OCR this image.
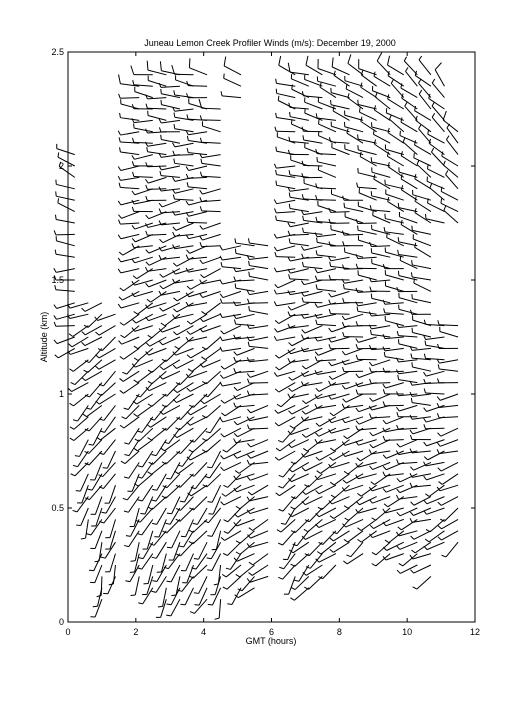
Juneau Lemon Creek Profiler Winds (m/s): December 19, 2000
0	2	4	6	8	10	12
0
0.5
1
1.5
2
2.5
GMT (hours)
Altitude (km)
